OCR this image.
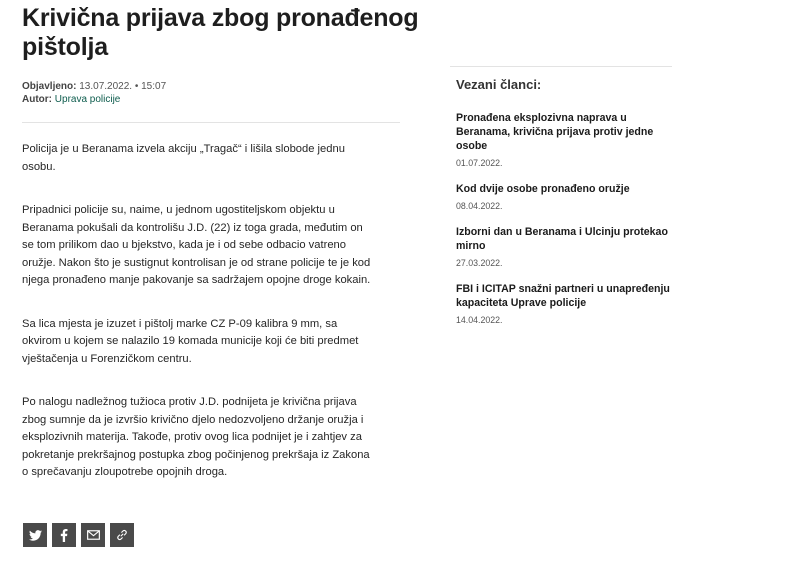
Krivična prijava zbog pronađenog pištolja
Objavljeno: 13.07.2022. • 15:07
Autor: Uprava policije

Policija je u Beranama izvela akciju „Tragač“ i lišila slobode jednu osobu.

Pripadnici policije su, naime, u jednom ugostiteljskom objektu u Beranama pokušali da kontrolišu J.D. (22) iz toga grada, međutim on se tom prilikom dao u bjekstvo, kada je i od sebe odbacio vatreno oružje. Nakon što je sustignut kontrolisan je od strane policije te je kod njega pronađeno manje pakovanje sa sadržajem opojne droge kokain.

Sa lica mjesta je izuzet i pištolj marke CZ P-09 kalibra 9 mm, sa okvirom u kojem se nalazilo 19 komada municije koji će biti predmet vještačenja u Forenzičkom centru.

Po nalogu nadležnog tužioca protiv J.D. podnijeta je krivična prijava zbog sumnje da je izvršio krivično djelo nedozvoljeno držanje oružja i eksplozivnih materija. Takođe, protiv ovog lica podnijet je i zahtjev za pokretanje prekršajnog postupka zbog počinjenog prekršaja iz Zakona o sprečavanju zloupotrebe opojnih droga.

Vezani članci:
Pronađena eksplozivna naprava u Beranama, krivična prijava protiv jedne osobe
01.07.2022.
Kod dvije osobe pronađeno oružje
08.04.2022.
Izborni dan u Beranama i Ulcinju protekao mirno
27.03.2022.
FBI i ICITAP snažni partneri u unapređenju kapaciteta Uprave policije
14.04.2022.
